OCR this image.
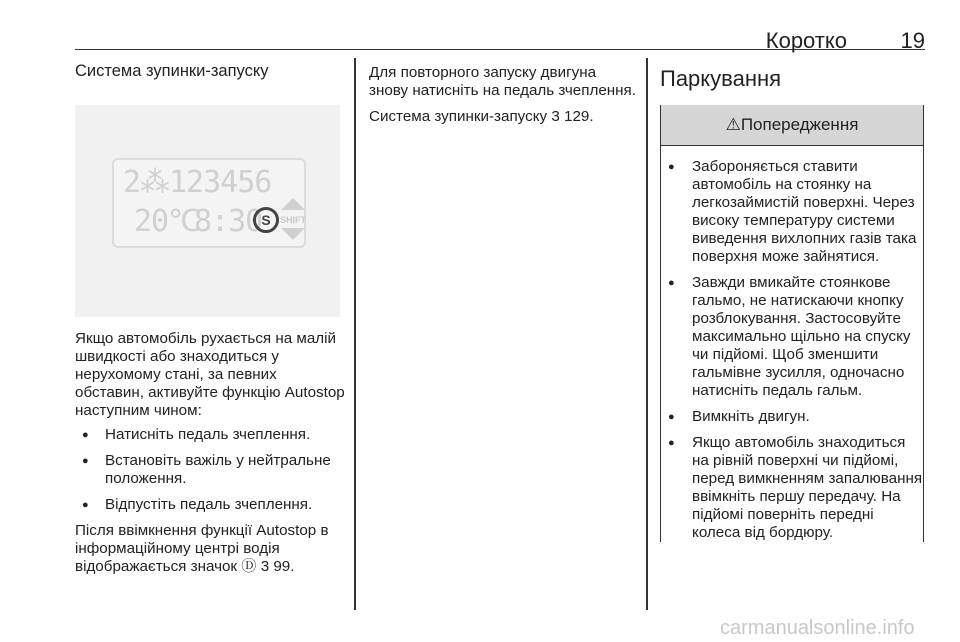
Коротко 19
Система зупинки-запуску
2⁂ 123456
20℃
8:30 S	SHIFT

Якщо автомобіль рухається на малій швидкості або знаходиться у нерухомому стані, за певних обставин, активуйте функцію Autostop наступним чином:

● Натисніть педаль зчеплення.
● Встановіть важіль у нейтральне положення.
● Відпустіть педаль зчеплення.

Після ввімкнення функції Autostop в інформаційному центрі водія відображається значок Ⓓ 3 99.

Для повторного запуску двигуна знову натисніть на педаль зчеплення.

Система зупинки-запуску 3 129.

Паркування
⚠Попередження
● Забороняється ставити автомобіль на стоянку на легкозаймистій поверхні. Через високу температуру системи виведення вихлопних газів така поверхня може зайнятися.
● Завжди вмикайте стоянкове гальмо, не натискаючи кнопку розблокування. Застосовуйте максимально щільно на спуску чи підйомі. Щоб зменшити гальмівне зусилля, одночасно натисніть педаль гальм.
● Вимкніть двигун.
● Якщо автомобіль знаходиться на рівній поверхні чи підйомі, перед вимкненням запалювання ввімкніть першу передачу. На підйомі поверніть передні колеса від бордюру.
carmanualsonline.info
